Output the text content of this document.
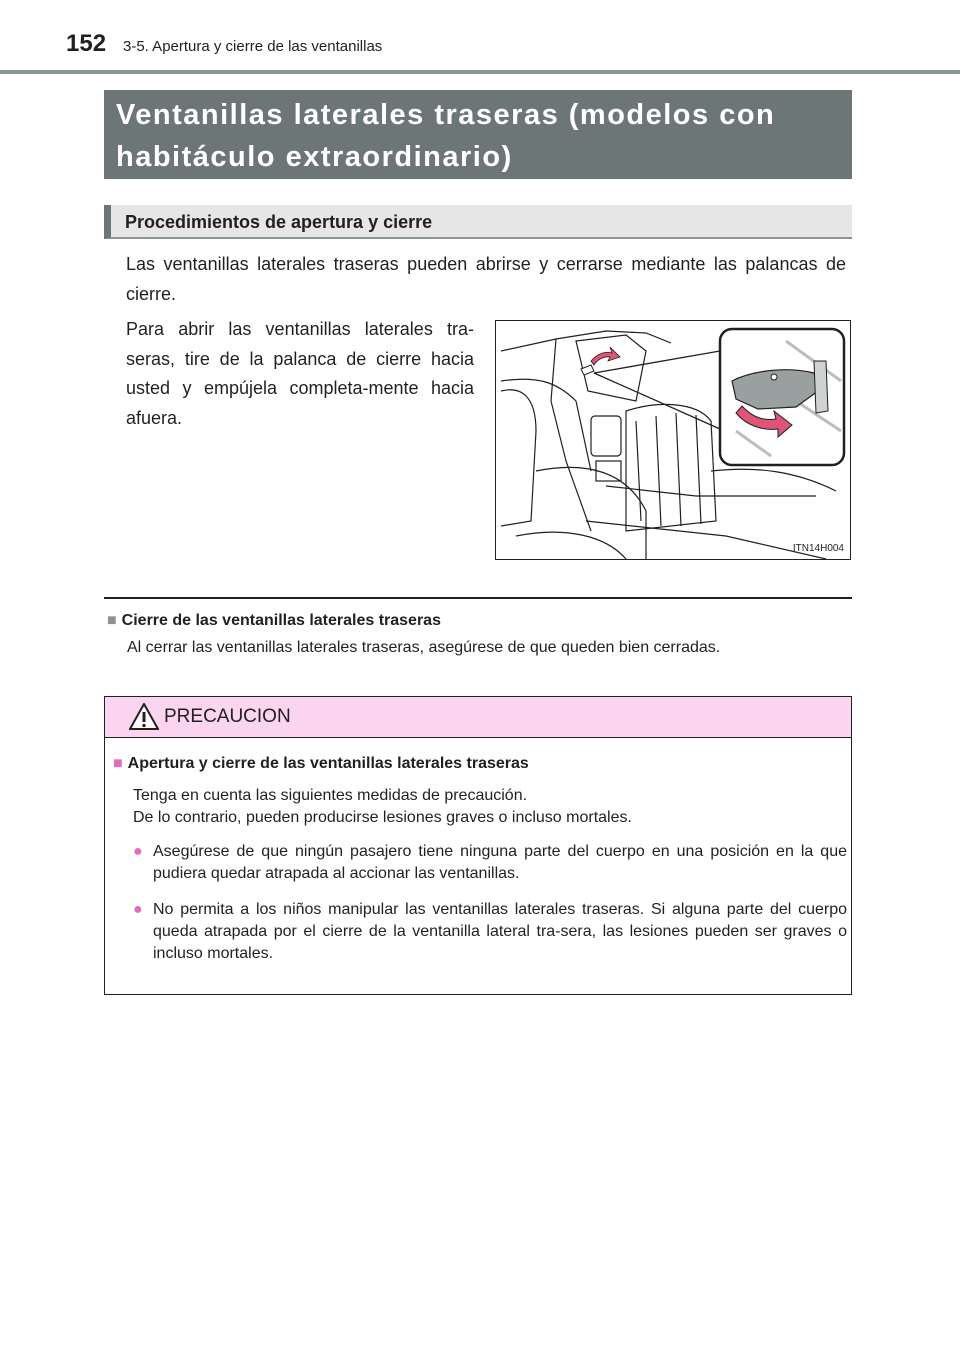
152 3-5. Apertura y cierre de las ventanillas
Ventanillas laterales traseras (modelos con
habitáculo extraordinario)
Procedimientos de apertura y cierre
Las ventanillas laterales traseras pueden abrirse y cerrarse mediante las palancas de cierre.
Para abrir las ventanillas laterales tra-seras, tire de la palanca de cierre hacia usted y empújela completa-mente hacia afuera.
ITN14H004
■ Cierre de las ventanillas laterales traseras
Al cerrar las ventanillas laterales traseras, asegúrese de que queden bien cerradas.
PRECAUCION
■ Apertura y cierre de las ventanillas laterales traseras
Tenga en cuenta las siguientes medidas de precaución.
De lo contrario, pueden producirse lesiones graves o incluso mortales.
● Asegúrese de que ningún pasajero tiene ninguna parte del cuerpo en una posición en la que pudiera quedar atrapada al accionar las ventanillas.
● No permita a los niños manipular las ventanillas laterales traseras. Si alguna parte del cuerpo queda atrapada por el cierre de la ventanilla lateral tra-sera, las lesiones pueden ser graves o incluso mortales.
